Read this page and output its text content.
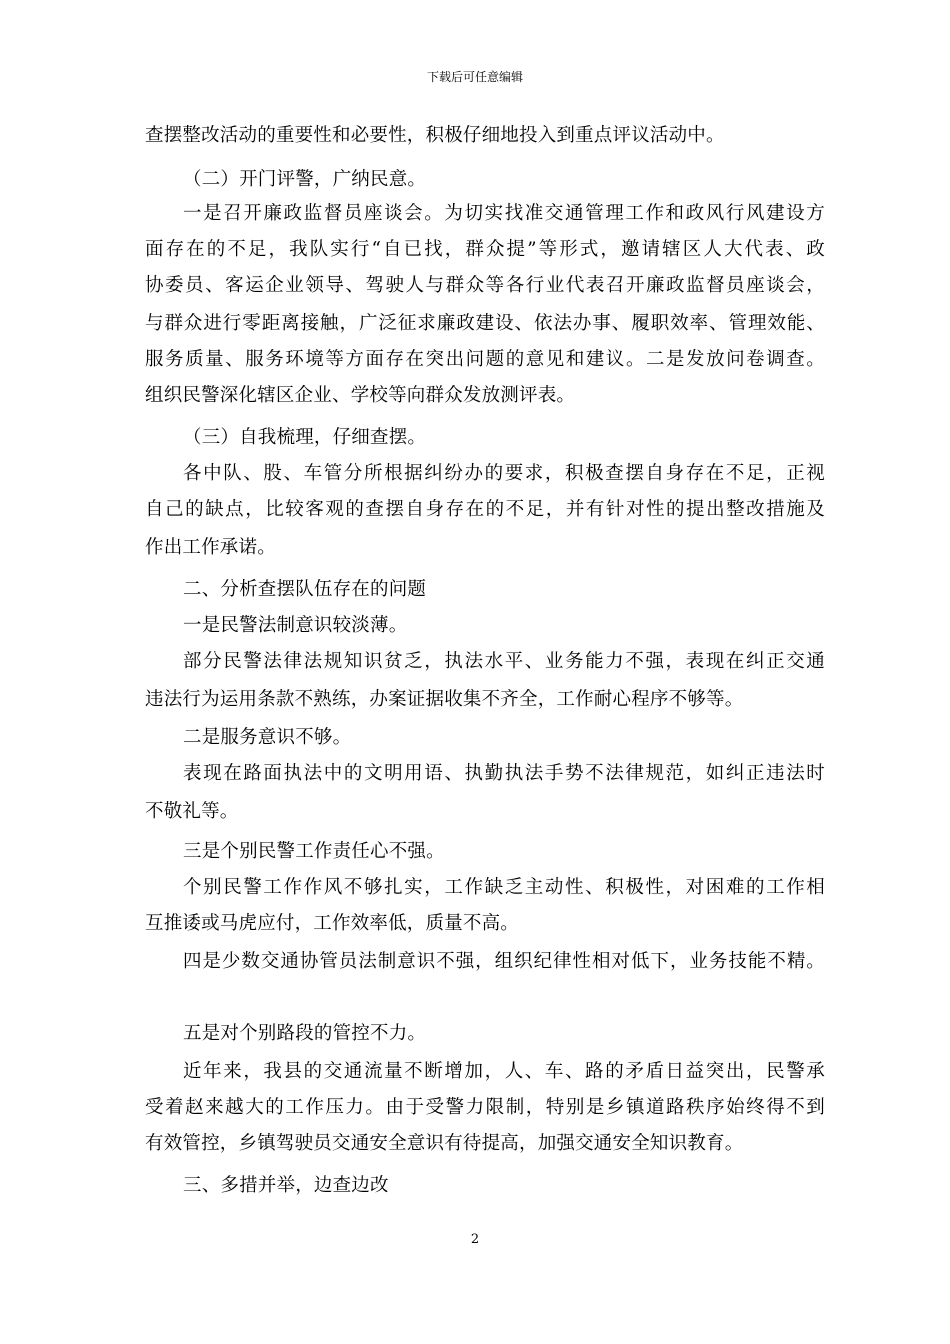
下载后可任意编辑
查摆整改活动的重要性和必要性，积极仔细地投入到重点评议活动中。
（二）开门评警，广纳民意。
一是召开廉政监督员座谈会。为切实找准交通管理工作和政风行风建设方
面存在的不足，我队实行“自已找，群众提”等形式，邀请辖区人大代表、政
协委员、客运企业领导、驾驶人与群众等各行业代表召开廉政监督员座谈会，
与群众进行零距离接触，广泛征求廉政建设、依法办事、履职效率、管理效能、
服务质量、服务环境等方面存在突出问题的意见和建议。二是发放问卷调查。
组织民警深化辖区企业、学校等向群众发放测评表。
（三）自我梳理，仔细查摆。
各中队、股、车管分所根据纠纷办的要求，积极查摆自身存在不足，正视
自己的缺点，比较客观的查摆自身存在的不足，并有针对性的提出整改措施及
作出工作承诺。
二、分析查摆队伍存在的问题
一是民警法制意识较淡薄。
部分民警法律法规知识贫乏，执法水平、业务能力不强，表现在纠正交通
违法行为运用条款不熟练，办案证据收集不齐全，工作耐心程序不够等。
二是服务意识不够。
表现在路面执法中的文明用语、执勤执法手势不法律规范，如纠正违法时
不敬礼等。
三是个别民警工作责任心不强。
个别民警工作作风不够扎实，工作缺乏主动性、积极性，对困难的工作相
互推诿或马虎应付，工作效率低，质量不高。
四是少数交通协管员法制意识不强，组织纪律性相对低下，业务技能不精。
五是对个别路段的管控不力。
近年来，我县的交通流量不断增加，人、车、路的矛盾日益突出，民警承
受着赵来越大的工作压力。由于受警力限制，特别是乡镇道路秩序始终得不到
有效管控，乡镇驾驶员交通安全意识有待提高，加强交通安全知识教育。
三、多措并举，边查边改
2
